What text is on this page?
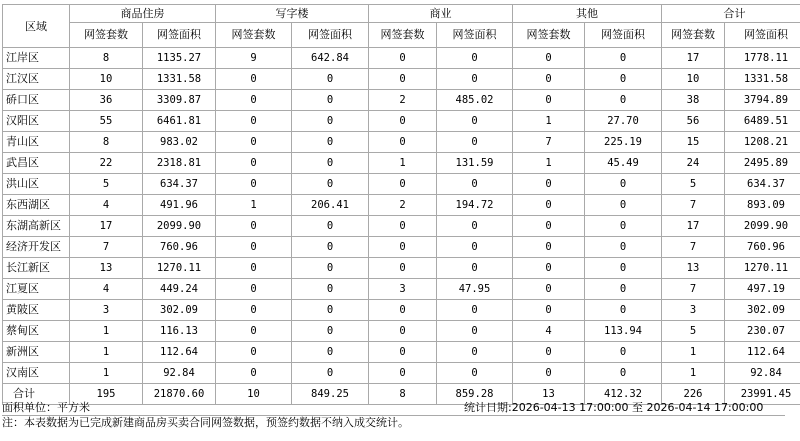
区域	商品住房		写字楼		商业		其他		合计	
	网签套数	网签面积	网签套数	网签面积	网签套数	网签面积	网签套数	网签面积	网签套数	网签面积
江岸区	8	1135.27	9	642.84	0	0	0	0	17	1778.11
江汉区	10	1331.58	0	0	0	0	0	0	10	1331.58
硚口区	36	3309.87	0	0	2	485.02	0	0	38	3794.89
汉阳区	55	6461.81	0	0	0	0	1	27.70	56	6489.51
青山区	8	983.02	0	0	0	0	7	225.19	15	1208.21
武昌区	22	2318.81	0	0	1	131.59	1	45.49	24	2495.89
洪山区	5	634.37	0	0	0	0	0	0	5	634.37
东西湖区	4	491.96	1	206.41	2	194.72	0	0	7	893.09
东湖高新区	17	2099.90	0	0	0	0	0	0	17	2099.90
经济开发区	7	760.96	0	0	0	0	0	0	7	760.96
长江新区	13	1270.11	0	0	0	0	0	0	13	1270.11
江夏区	4	449.24	0	0	3	47.95	0	0	7	497.19
黄陂区	3	302.09	0	0	0	0	0	0	3	302.09
蔡甸区	1	116.13	0	0	0	0	4	113.94	5	230.07
新洲区	1	112.64	0	0	0	0	0	0	1	112.64
汉南区	1	92.84	0	0	0	0	0	0	1	92.84
合计	195	21870.60	10	849.25	8	859.28	13	412.32	226	23991.45
面积单位：平方米	统计日期:2026-04-13 17:00:00 至 2026-04-14 17:00:00
注：本表数据为已完成新建商品房买卖合同网签数据，预签约数据不纳入成交统计。
